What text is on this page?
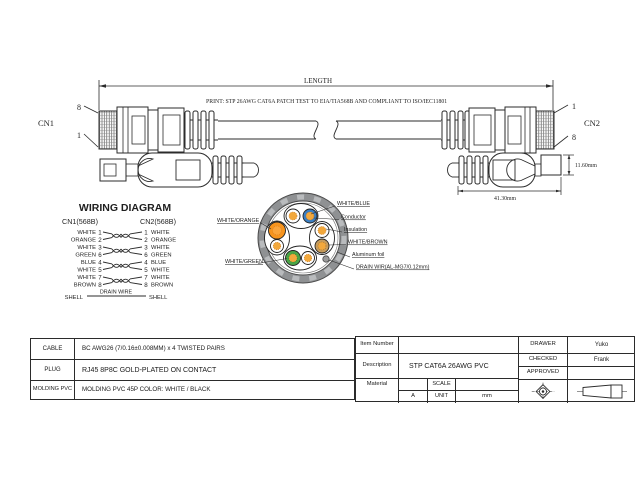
LENGTH
PRINT: STP 26AWG CAT6A PATCH TEST TO EIA/TIA568B AND COMPLIANT TO ISO/IEC11801
8
1
CN1
1
8
CN2
11.60mm
41.30mm
WIRING DIAGRAM
CN1(568B)	CN2(568B)
WHITE 1	1 WHITE
ORANGE 2	2 ORANGE
WHITE 3	3 WHITE
GREEN 6	6 GREEN
BLUE 4	4 BLUE
WHITE 5	5 WHITE
WHITE 7	7 WHITE
BROWN 8	8 BROWN
SHELL
DRAIN WIRE
SHELL
WHITE/BLUE
Conductor
Insulation
WHITE/BROWN
Aluminum foil
DRAIN WIR(AL-MG7/0.12mm)
WHITE/ORANGE
WHITE/GREEN
CABLE	BC AWG26 (7/0.16±0.008MM) x 4 TWISTED PAIRS
PLUG	RJ45 8P8C GOLD-PLATED ON CONTACT
MOLDING PVC	MOLDING PVC 45P COLOR: WHITE / BLACK
Item Number
Description	STP CAT6A 26AWG PVC
Material	SCALE
A	UNIT	mm
DRAWER	Yuko
CHECKED	Frank
APPROVED
